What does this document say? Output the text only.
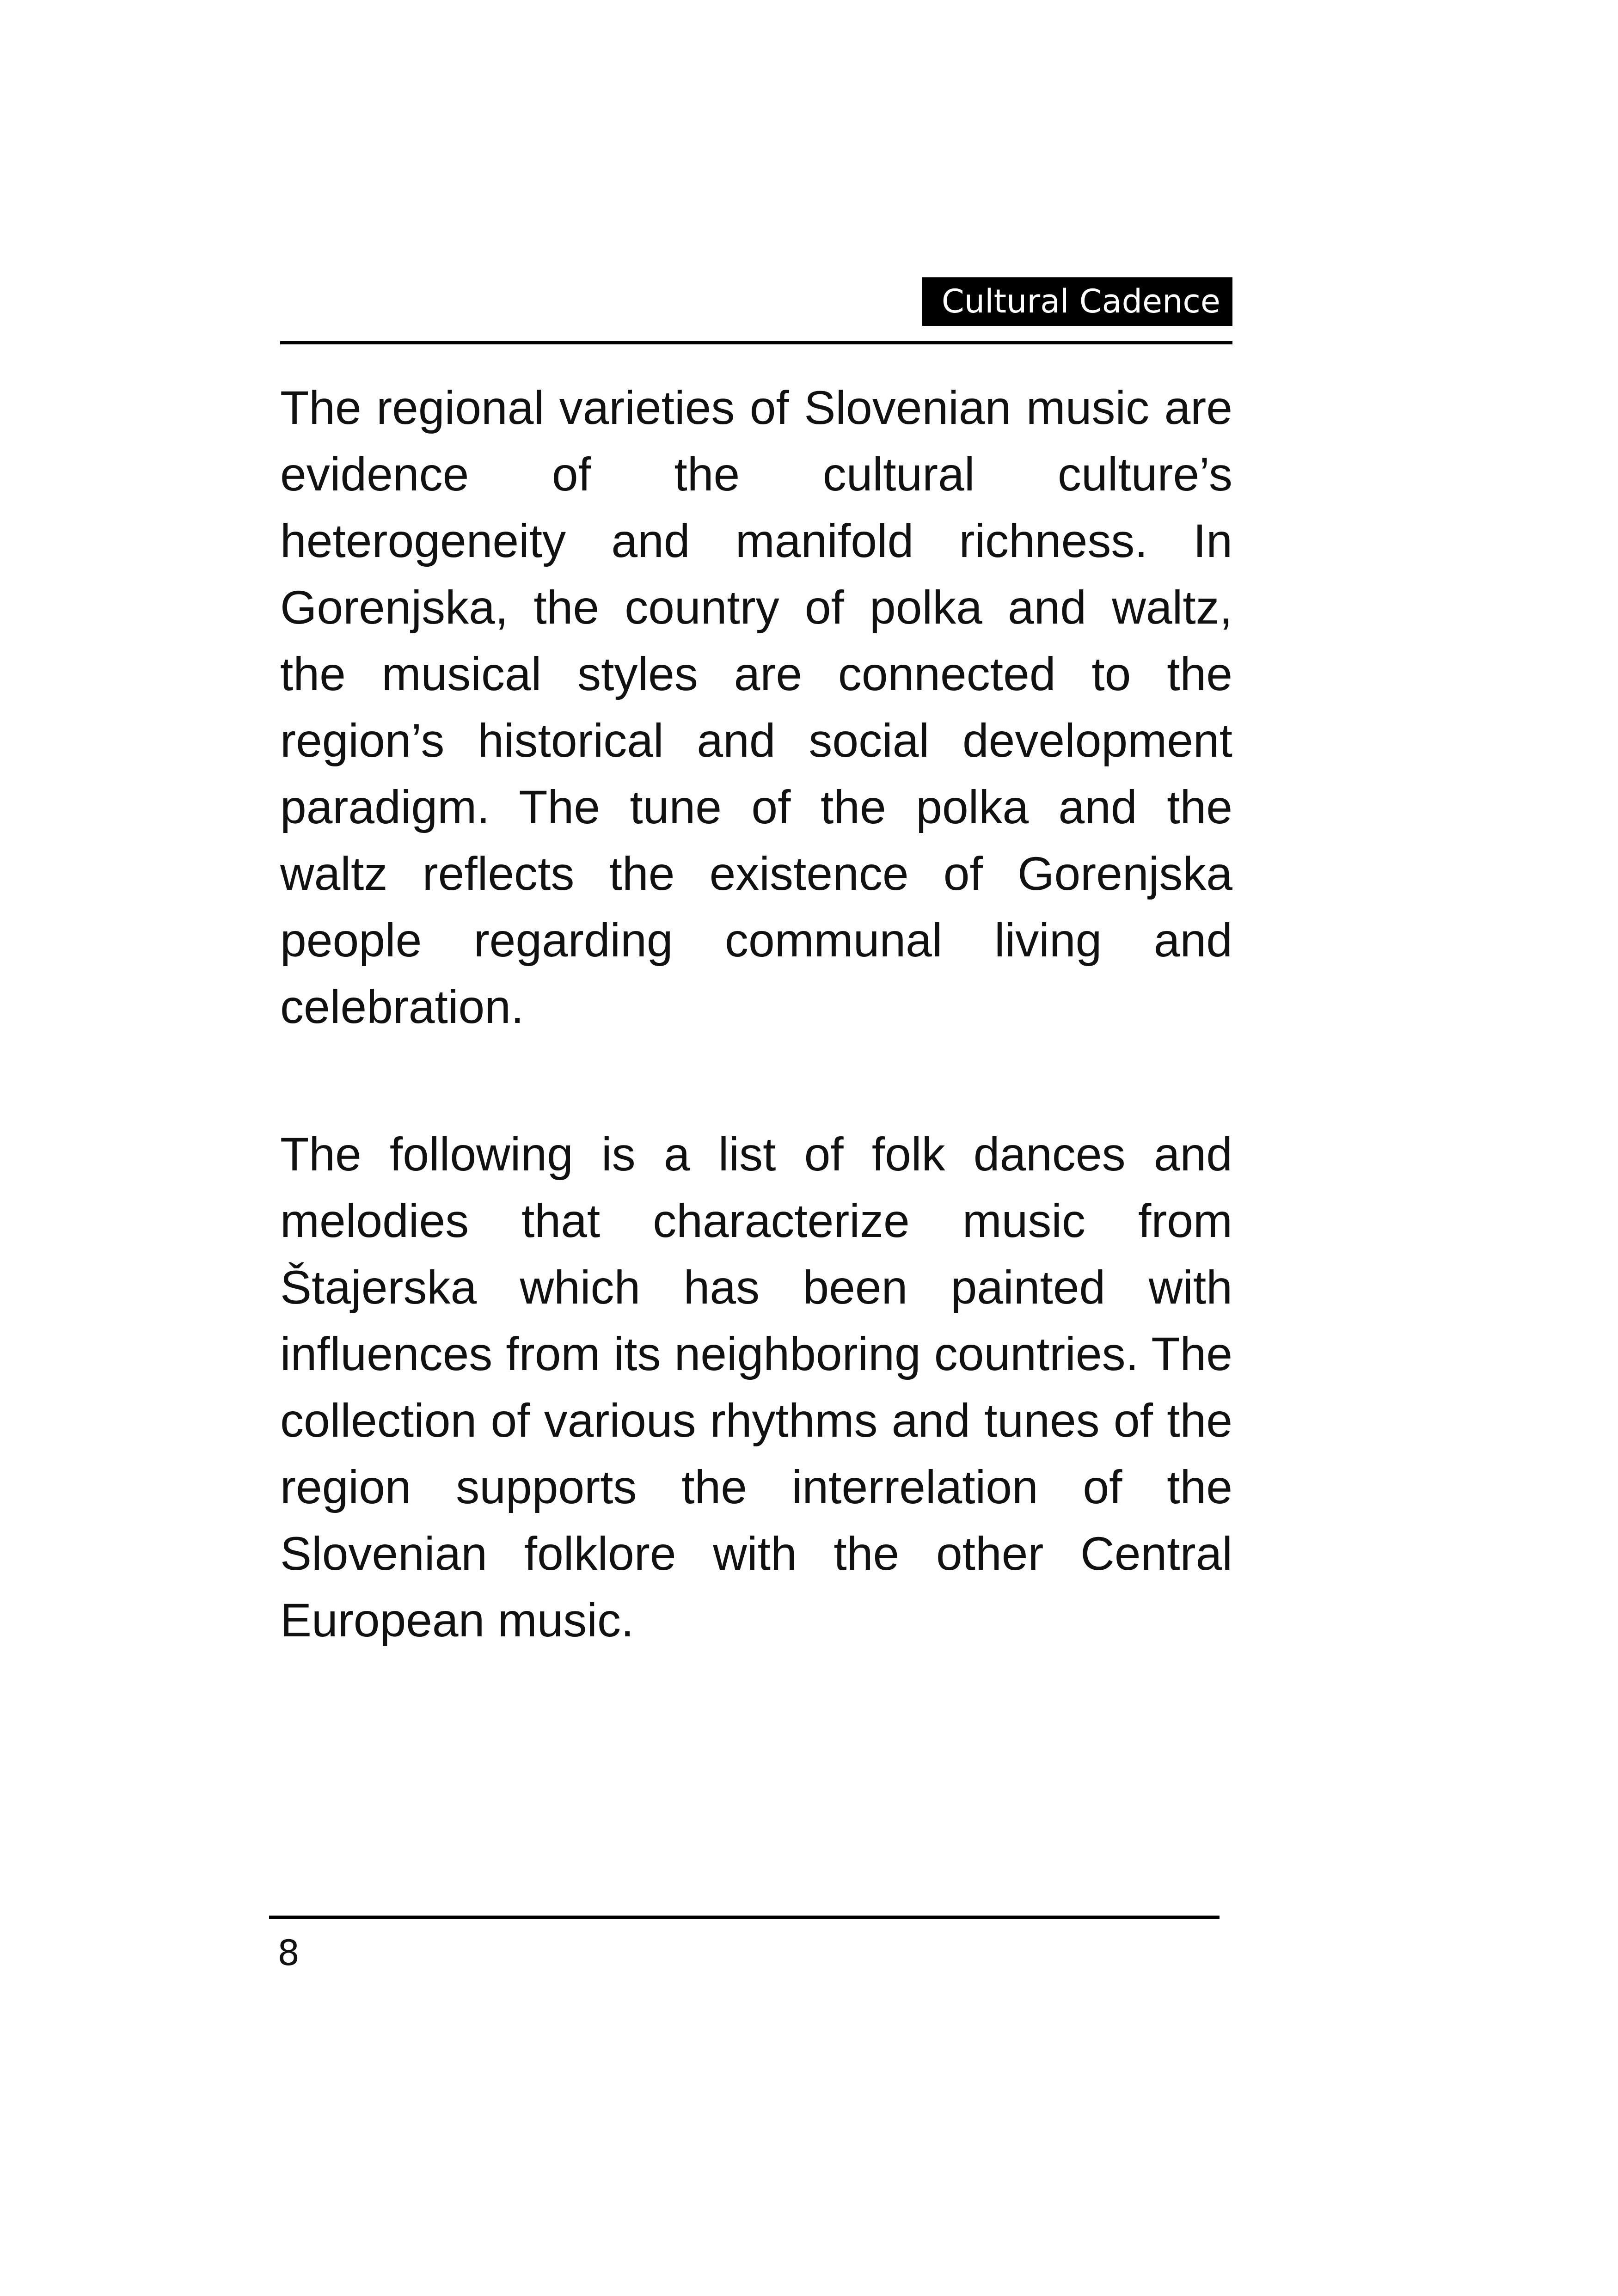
Cultural Cadence

The regional varieties of Slovenian music are evidence of the cultural culture’s heterogeneity and manifold richness. In Gorenjska, the country of polka and waltz, the musical styles are connected to the region’s historical and social development paradigm. The tune of the polka and the waltz reflects the existence of Gorenjska people regarding communal living and celebration.

The following is a list of folk dances and melodies that characterize music from Štajerska which has been painted with influences from its neighboring countries. The collection of various rhythms and tunes of the region supports the interrelation of the Slovenian folklore with the other Central European music.

8
